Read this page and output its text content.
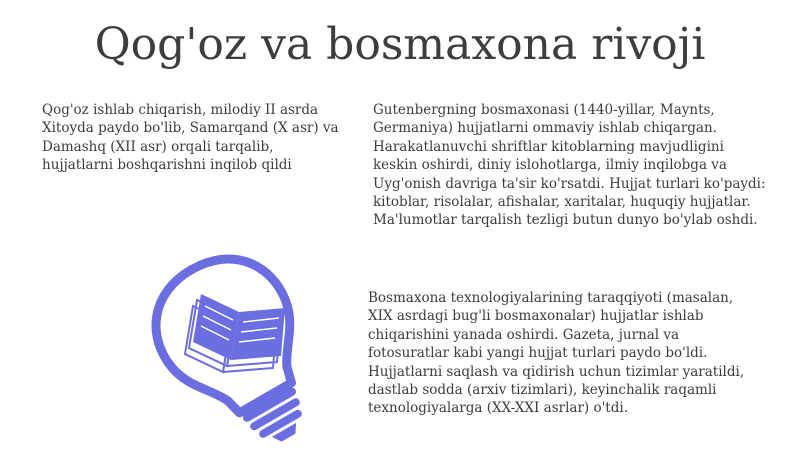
Qog'oz va bosmaxona rivoji

Qog'oz ishlab chiqarish, milodiy II asrda Xitoyda paydo bo'lib, Samarqand (X asr) va Damashq (XII asr) orqali tarqalib, hujjatlarni boshqarishni inqilob qildi

Gutenbergning bosmaxonasi (1440-yillar, Maynts, Germaniya) hujjatlarni ommaviy ishlab chiqargan. Harakatlanuvchi shriftlar kitoblarning mavjudligini keskin oshirdi, diniy islohotlarga, ilmiy inqilobga va Uyg'onish davriga ta'sir ko'rsatdi. Hujjat turlari ko'paydi: kitoblar, risolalar, afishalar, xaritalar, huquqiy hujjatlar. Ma'lumotlar tarqalish tezligi butun dunyo bo'ylab oshdi.

Bosmaxona texnologiyalarining taraqqiyoti (masalan, XIX asrdagi bug'li bosmaxonalar) hujjatlar ishlab chiqarishini yanada oshirdi. Gazeta, jurnal va fotosuratlar kabi yangi hujjat turlari paydo bo'ldi. Hujjatlarni saqlash va qidirish uchun tizimlar yaratildi, dastlab sodda (arxiv tizimlari), keyinchalik raqamli texnologiyalarga (XX-XXI asrlar) o'tdi.
